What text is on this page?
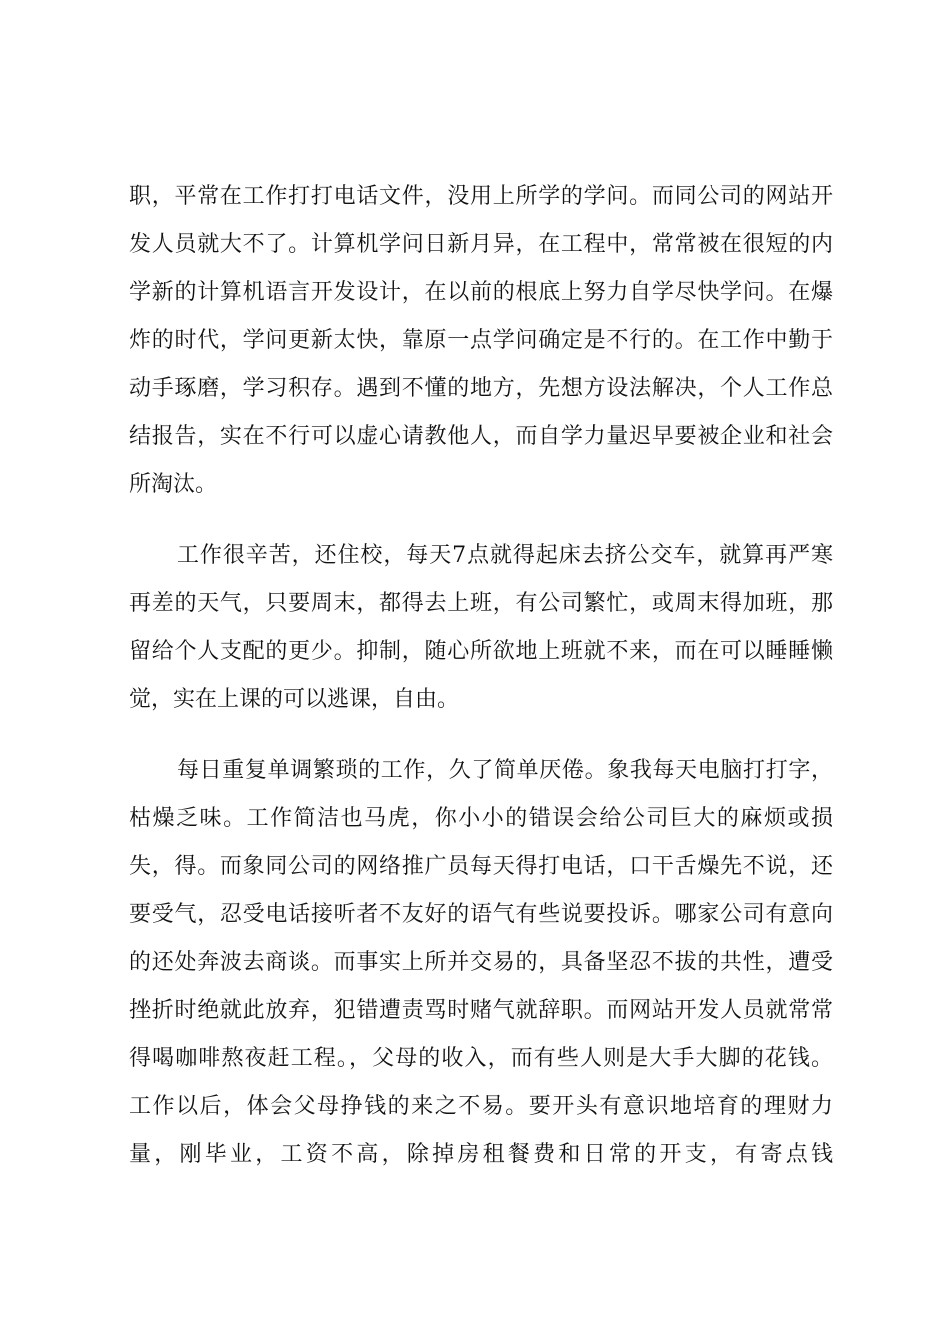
职，平常在工作打打电话文件，没用上所学的学问。而同公司的网站开
发人员就大不了。计算机学问日新月异，在工程中，常常被在很短的内
学新的计算机语言开发设计，在以前的根底上努力自学尽快学问。在爆
炸的时代，学问更新太快，靠原一点学问确定是不行的。在工作中勤于
动手琢磨，学习积存。遇到不懂的地方，先想方设法解决，个人工作总
结报告，实在不行可以虚心请教他人，而自学力量迟早要被企业和社会
所淘汰。
工作很辛苦，还住校，每天7点就得起床去挤公交车，就算再严寒
再差的天气，只要周末，都得去上班，有公司繁忙，或周末得加班，那
留给个人支配的更少。抑制，随心所欲地上班就不来，而在可以睡睡懒
觉，实在上课的可以逃课，自由。
每日重复单调繁琐的工作，久了简单厌倦。象我每天电脑打打字，
枯燥乏味。工作简洁也马虎，你小小的错误会给公司巨大的麻烦或损
失，得。而象同公司的网络推广员每天得打电话，口干舌燥先不说，还
要受气，忍受电话接听者不友好的语气有些说要投诉。哪家公司有意向
的还处奔波去商谈。而事实上所并交易的，具备坚忍不拔的共性，遭受
挫折时绝就此放弃，犯错遭责骂时赌气就辞职。而网站开发人员就常常
得喝咖啡熬夜赶工程。，父母的收入，而有些人则是大手大脚的花钱。
工作以后，体会父母挣钱的来之不易。要开头有意识地培育的理财力
量，刚毕业，工资不高，除掉房租餐费和日常的开支，有寄点钱
